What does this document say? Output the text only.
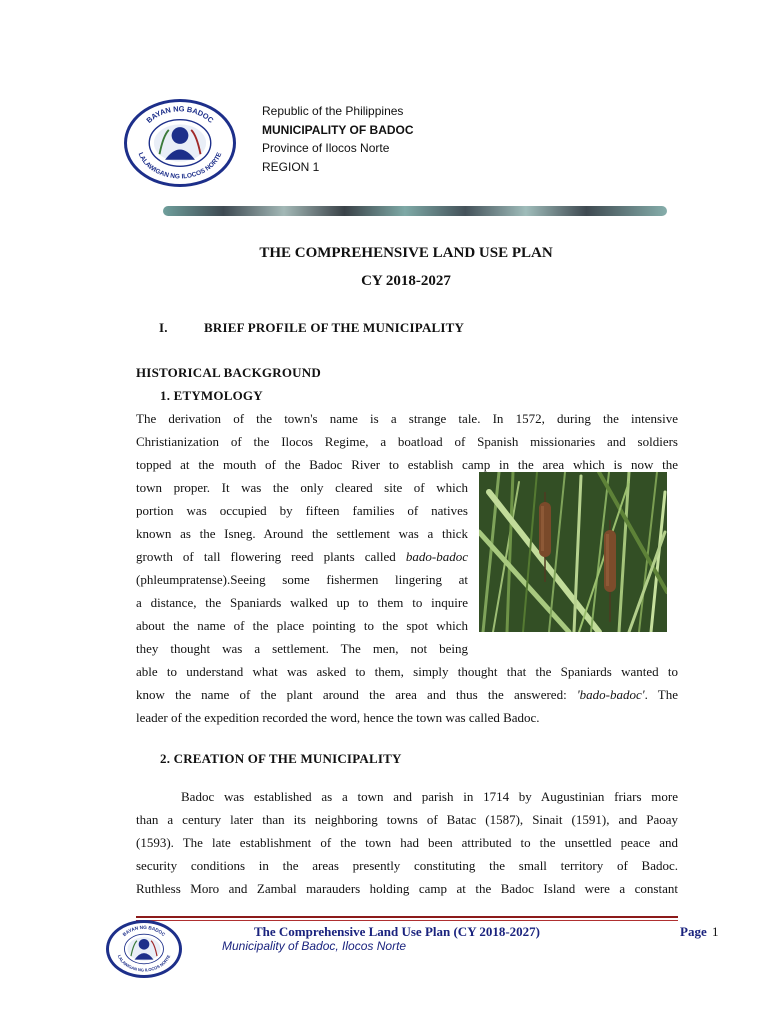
BAYAN NG BADOC
LALAWIGAN NG ILOCOS NORTE
Republic of the Philippines
MUNICIPALITY OF BADOC
Province of Ilocos Norte
REGION 1
THE COMPREHENSIVE LAND USE PLAN
CY 2018-2027
I.	BRIEF PROFILE OF THE MUNICIPALITY
HISTORICAL BACKGROUND
1. ETYMOLOGY
The derivation of the town's name is a strange tale. In 1572, during the intensive
Christianization of the Ilocos Regime, a boatload of Spanish missionaries and soldiers
topped at the mouth of the Badoc River to establish camp in the area which is now the
town proper. It was the only cleared site of which
portion was occupied by fifteen families of natives
known as the Isneg. Around the settlement was a thick
growth of tall flowering reed plants called bado-badoc
(phleumpratense).Seeing some fishermen lingering at
a distance, the Spaniards walked up to them to inquire
about the name of the place pointing to the spot which
they thought was a settlement. The men, not being
able to understand what was asked to them, simply thought that the Spaniards wanted to
know the name of the plant around the area and thus the answered: 'bado-badoc'. The
leader of the expedition recorded the word, hence the town was called Badoc.
2. CREATION OF THE MUNICIPALITY
Badoc was established as a town and parish in 1714 by Augustinian friars more
than a century later than its neighboring towns of Batac (1587), Sinait (1591), and Paoay
(1593). The late establishment of the town had been attributed to the unsettled peace and
security conditions in the areas presently constituting the small territory of Badoc.
Ruthless Moro and Zambal marauders holding camp at the Badoc Island were a constant
BAYAN NG BADOC
LALAWIGAN NG ILOCOS NORTE
The Comprehensive Land Use Plan (CY 2018-2027)	Page 1
Municipality of Badoc, Ilocos Norte
